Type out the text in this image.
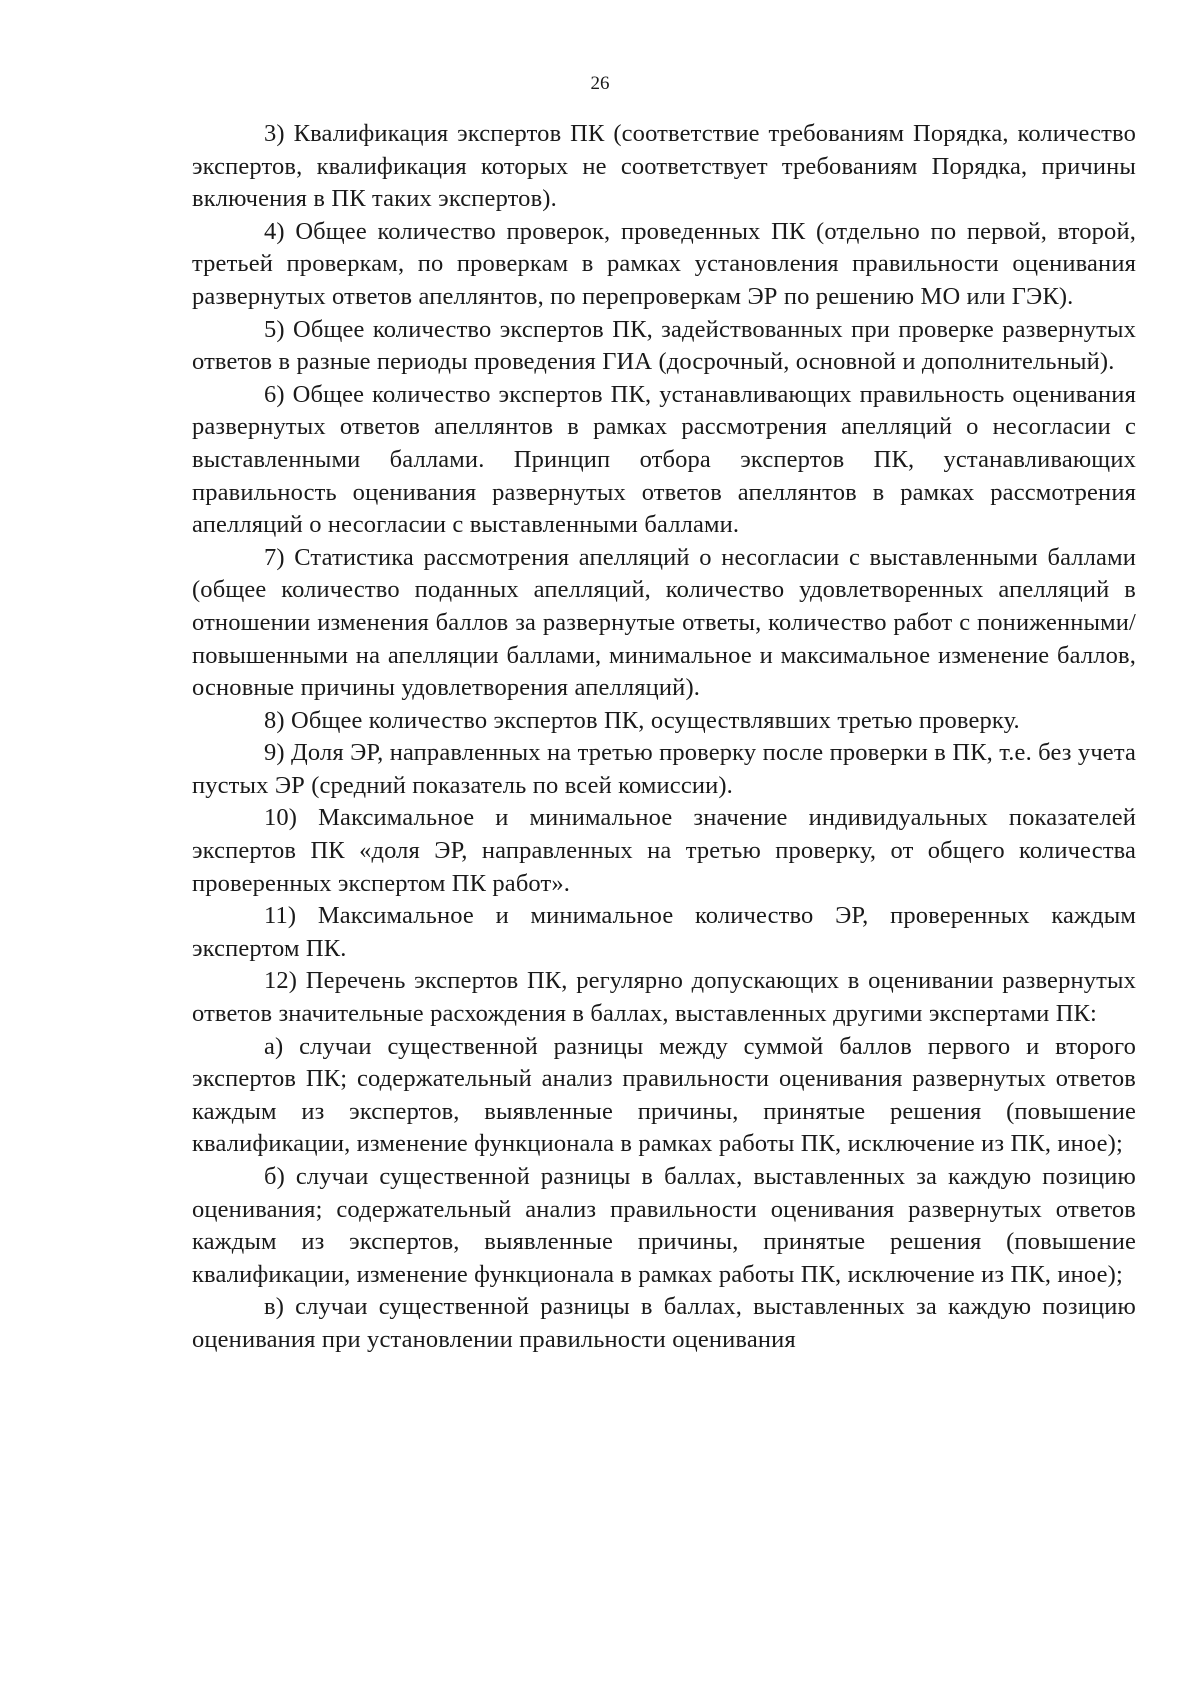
26

3) Квалификация экспертов ПК (соответствие требованиям Порядка, количество экспертов, квалификация которых не соответствует требованиям Порядка, причины включения в ПК таких экспертов).

4) Общее количество проверок, проведенных ПК (отдельно по первой, второй, третьей проверкам, по проверкам в рамках установления правильности оценивания развернутых ответов апеллянтов, по перепроверкам ЭР по решению МО или ГЭК).

5) Общее количество экспертов ПК, задействованных при проверке развернутых ответов в разные периоды проведения ГИА (досрочный, основной и дополнительный).

6) Общее количество экспертов ПК, устанавливающих правильность оценивания развернутых ответов апеллянтов в рамках рассмотрения апелляций о несогласии с выставленными баллами. Принцип отбора экспертов ПК, устанавливающих правильность оценивания развернутых ответов апеллянтов в рамках рассмотрения апелляций о несогласии с выставленными баллами.

7) Статистика рассмотрения апелляций о несогласии с выставленными баллами (общее количество поданных апелляций, количество удовлетворенных апелляций в отношении изменения баллов за развернутые ответы, количество работ с пониженными/повышенными на апелляции баллами, минимальное и максимальное изменение баллов, основные причины удовлетворения апелляций).

8) Общее количество экспертов ПК, осуществлявших третью проверку.

9) Доля ЭР, направленных на третью проверку после проверки в ПК, т.е. без учета пустых ЭР (средний показатель по всей комиссии).

10) Максимальное и минимальное значение индивидуальных показателей экспертов ПК «доля ЭР, направленных на третью проверку, от общего количества проверенных экспертом ПК работ».

11) Максимальное и минимальное количество ЭР, проверенных каждым экспертом ПК.

12) Перечень экспертов ПК, регулярно допускающих в оценивании развернутых ответов значительные расхождения в баллах, выставленных другими экспертами ПК:

а) случаи существенной разницы между суммой баллов первого и второго экспертов ПК; содержательный анализ правильности оценивания развернутых ответов каждым из экспертов, выявленные причины, принятые решения (повышение квалификации, изменение функционала в рамках работы ПК, исключение из ПК, иное);

б) случаи существенной разницы в баллах, выставленных за каждую позицию оценивания; содержательный анализ правильности оценивания развернутых ответов каждым из экспертов, выявленные причины, принятые решения (повышение квалификации, изменение функционала в рамках работы ПК, исключение из ПК, иное);

в) случаи существенной разницы в баллах, выставленных за каждую позицию оценивания при установлении правильности оценивания
